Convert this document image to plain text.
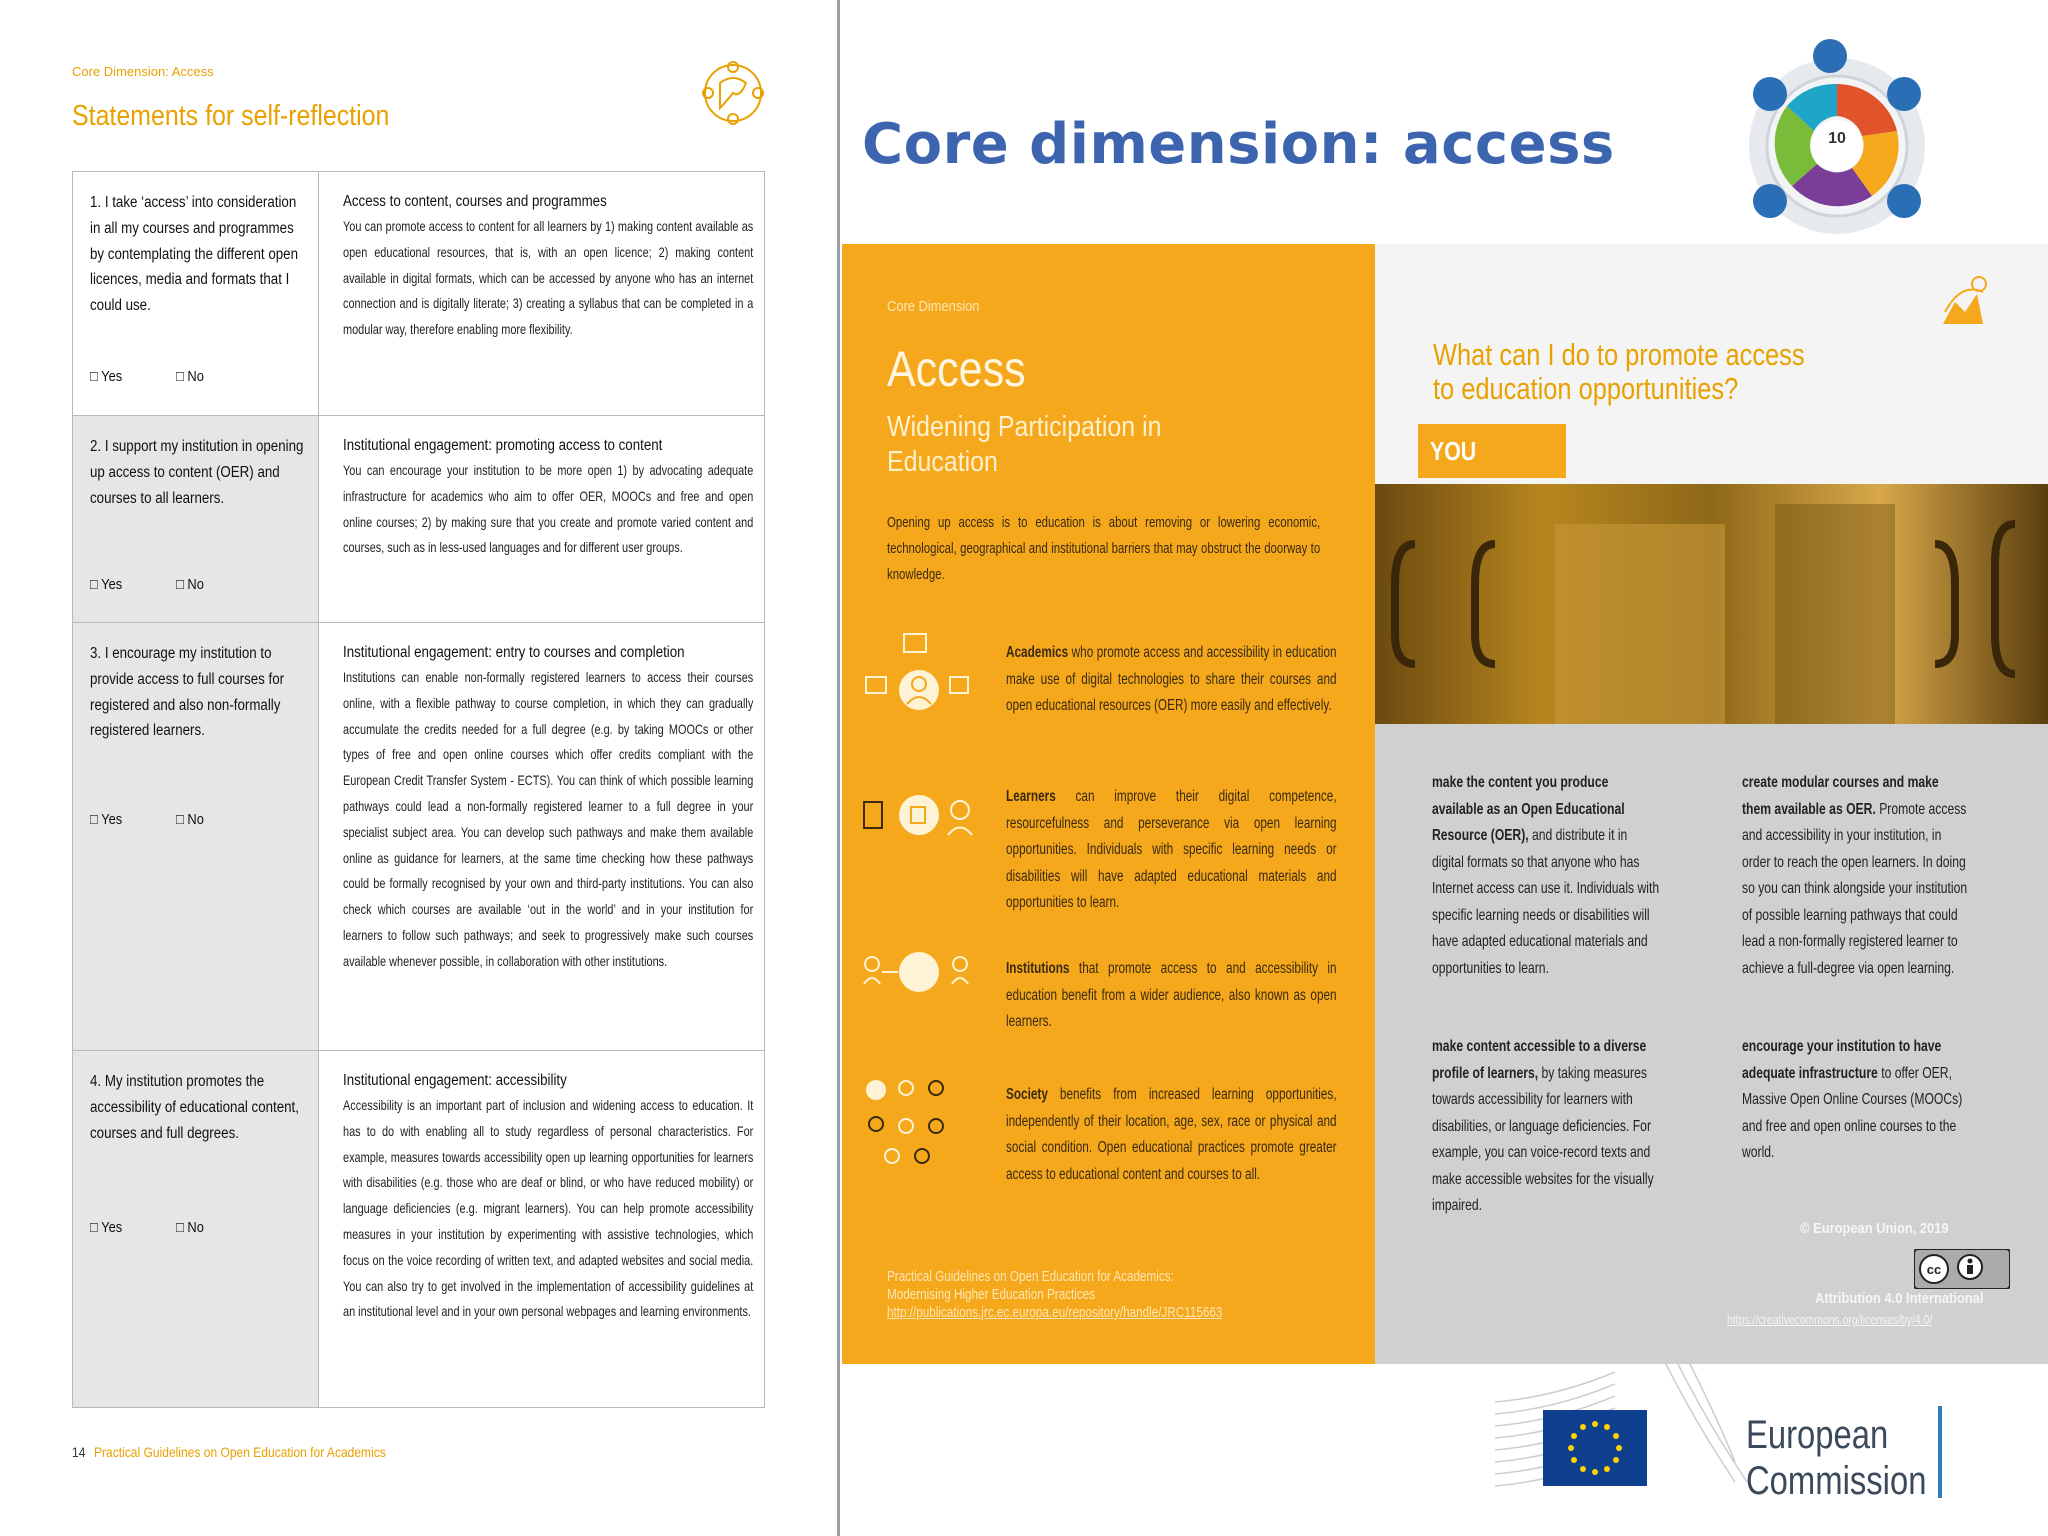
Core Dimension: Access
Statements for self-reflection
1. I take ‘access’ into consideration in all my courses and programmes by contemplating the different open licences, media and formats that I could use.
□ Yes	□ No
Access to content, courses and programmes
You can promote access to content for all learners by 1) making content available as open educational resources, that is, with an open licence; 2) making content available in digital formats, which can be accessed by anyone who has an internet connection and is digitally literate; 3) creating a syllabus that can be completed in a modular way, therefore enabling more flexibility.
2. I support my institution in opening up access to content (OER) and courses to all learners.
□ Yes	□ No
Institutional engagement: promoting access to content
You can encourage your institution to be more open 1) by advocating adequate infrastructure for academics who aim to offer OER, MOOCs and free and open online courses; 2) by making sure that you create and promote varied content and courses, such as in less-used languages and for different user groups.
3. I encourage my institution to provide access to full courses for registered and also non-formally registered learners.
□ Yes	□ No
Institutional engagement: entry to courses and completion
Institutions can enable non-formally registered learners to access their courses online, with a flexible pathway to course completion, in which they can gradually accumulate the credits needed for a full degree (e.g. by taking MOOCs or other types of free and open online courses which offer credits compliant with the European Credit Transfer System - ECTS). You can think of which possible learning pathways could lead a non-formally registered learner to a full degree in your specialist subject area. You can develop such pathways and make them available online as guidance for learners, at the same time checking how these pathways could be formally recognised by your own and third-party institutions. You can also check which courses are available ‘out in the world’ and in your institution for learners to follow such pathways; and seek to progressively make such courses available whenever possible, in collaboration with other institutions.
4. My institution promotes the accessibility of educational content, courses and full degrees.
□ Yes	□ No
Institutional engagement: accessibility
Accessibility is an important part of inclusion and widening access to education. It has to do with enabling all to study regardless of personal characteristics. For example, measures towards accessibility open up learning opportunities for learners with disabilities (e.g. those who are deaf or blind, or who have reduced mobility) or language deficiencies (e.g. migrant learners). You can help promote accessibility measures in your institution by experimenting with assistive technologies, which focus on the voice recording of written text, and adapted websites and social media. You can also try to get involved in the implementation of accessibility guidelines at an institutional level and in your own personal webpages and learning environments.
14 Practical Guidelines on Open Education for Academics
Core dimension: access	10
Core Dimension
Access
Widening Participation in Education
Opening up access is to education is about removing or lowering economic, technological, geographical and institutional barriers that may obstruct the doorway to knowledge.
Academics who promote access and accessibility in education make use of digital technologies to share their courses and open educational resources (OER) more easily and effectively.
Learners can improve their digital competence, resourcefulness and perseverance via open learning opportunities. Individuals with specific learning needs or disabilities will have adapted educational materials and opportunities to learn.
Institutions that promote access to and accessibility in education benefit from a wider audience, also known as open learners.
Society benefits from increased learning opportunities, independently of their location, age, sex, race or physical and social condition. Open educational practices promote greater access to educational content and courses to all.
Practical Guidelines on Open Education for Academics:
Modernising Higher Education Practices
http://publications.jrc.ec.europa.eu/repository/handle/JRC115663
What can I do to promote access to education opportunities?
YOU
make the content you produce available as an Open Educational Resource (OER), and distribute it in digital formats so that anyone who has Internet access can use it. Individuals with specific learning needs or disabilities will have adapted educational materials and opportunities to learn.
create modular courses and make them available as OER. Promote access and accessibility in your institution, in order to reach the open learners. In doing so you can think alongside your institution of possible learning pathways that could lead a non-formally registered learner to achieve a full-degree via open learning.
make content accessible to a diverse profile of learners, by taking measures towards accessibility for learners with disabilities, or language deficiencies. For example, you can voice-record texts and make accessible websites for the visually impaired.
encourage your institution to have adequate infrastructure to offer OER, Massive Open Online Courses (MOOCs) and free and open online courses to the world.
© European Union, 2019
cc
Attribution 4.0 International
https://creativecommons.org/licenses/by/4.0/
European
Commission
